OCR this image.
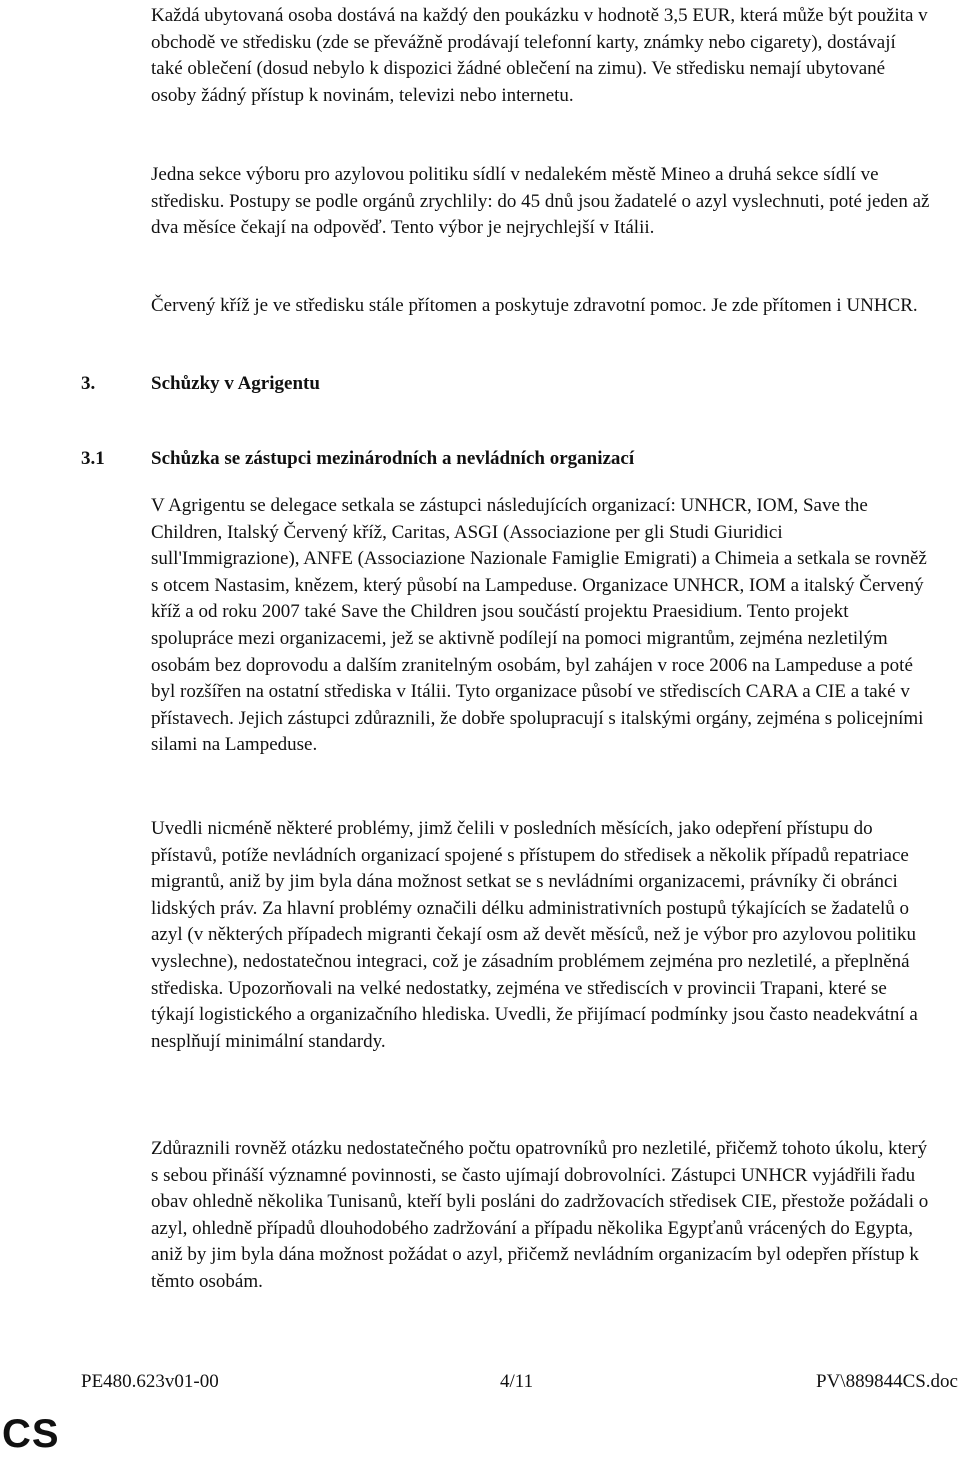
Každá ubytovaná osoba dostává na každý den poukázku v hodnotě 3,5 EUR, která může být použita v obchodě ve středisku (zde se převážně prodávají telefonní karty, známky nebo cigarety), dostávají také oblečení (dosud nebylo k dispozici žádné oblečení na zimu). Ve středisku nemají ubytované osoby žádný přístup k novinám, televizi nebo internetu.

Jedna sekce výboru pro azylovou politiku sídlí v nedalekém městě Mineo a druhá sekce sídlí ve středisku. Postupy se podle orgánů zrychlily: do 45 dnů jsou žadatelé o azyl vyslechnuti, poté jeden až dva měsíce čekají na odpověď. Tento výbor je nejrychlejší v Itálii.

Červený kříž je ve středisku stále přítomen a poskytuje zdravotní pomoc. Je zde přítomen i UNHCR.

3.	Schůzky v Agrigentu
3.1 Schůzka se zástupci mezinárodních a nevládních organizací

V Agrigentu se delegace setkala se zástupci následujících organizací: UNHCR, IOM, Save the Children, Italský Červený kříž, Caritas, ASGI (Associazione per gli Studi Giuridici sull'Immigrazione), ANFE (Associazione Nazionale Famiglie Emigrati) a Chimeia a setkala se rovněž s otcem Nastasim, knězem, který působí na Lampeduse. Organizace UNHCR, IOM a italský Červený kříž a od roku 2007 také Save the Children jsou součástí projektu Praesidium. Tento projekt spolupráce mezi organizacemi, jež se aktivně podílejí na pomoci migrantům, zejména nezletilým osobám bez doprovodu a dalším zranitelným osobám, byl zahájen v roce 2006 na Lampeduse a poté byl rozšířen na ostatní střediska v Itálii. Tyto organizace působí ve střediscích CARA a CIE a také v přístavech. Jejich zástupci zdůraznili, že dobře spolupracují s italskými orgány, zejména s policejními silami na Lampeduse.

Uvedli nicméně některé problémy, jimž čelili v posledních měsících, jako odepření přístupu do přístavů, potíže nevládních organizací spojené s přístupem do středisek a několik případů repatriace migrantů, aniž by jim byla dána možnost setkat se s nevládními organizacemi, právníky či obránci lidských práv. Za hlavní problémy označili délku administrativních postupů týkajících se žadatelů o azyl (v některých případech migranti čekají osm až devět měsíců, než je výbor pro azylovou politiku vyslechne), nedostatečnou integraci, což je zásadním problémem zejména pro nezletilé, a přeplněná střediska. Upozorňovali na velké nedostatky, zejména ve střediscích v provincii Trapani, které se týkají logistického a organizačního hlediska. Uvedli, že přijímací podmínky jsou často neadekvátní a nesplňují minimální standardy.

Zdůraznili rovněž otázku nedostatečného počtu opatrovníků pro nezletilé, přičemž tohoto úkolu, který s sebou přináší významné povinnosti, se často ujímají dobrovolníci. Zástupci UNHCR vyjádřili řadu obav ohledně několika Tunisanů, kteří byli posláni do zadržovacích středisek CIE, přestože požádali o azyl, ohledně případů dlouhodobého zadržování a případu několika Egypťanů vrácených do Egypta, aniž by jim byla dána možnost požádat o azyl, přičemž nevládním organizacím byl odepřen přístup k těmto osobám.

PE480.623v01-00	4/11	PV\889844CS.doc
CS
